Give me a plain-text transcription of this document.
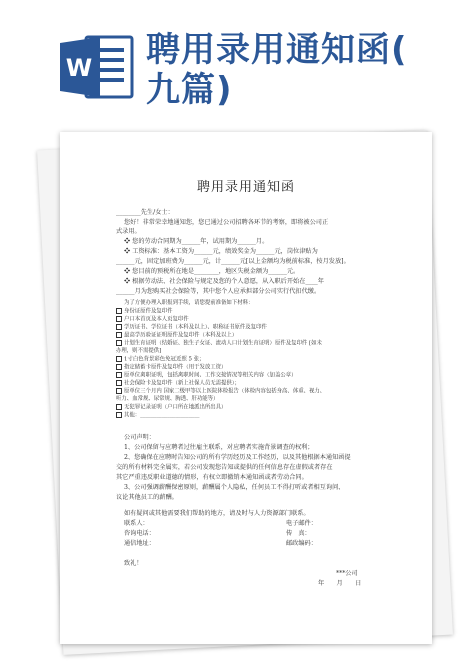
W 聘用录用通知函(
九篇)
聘用录用通知函
________先生/女士：
您好！非常荣幸地通知您，您已通过公司招聘各环节的考察，即将被公司正
式录用。
❖ 您的劳动合同期为______年，试用期为______月。
❖ 工资标准：基本工资为______元，绩效奖金为______元，岗位津贴为
______元，固定加班费为______元，计______元[以上金额均为税前标准，按月发放]。
❖ 您目前的预税所在地是________，地区失税金额为______元。
❖ 根据劳动法、社会保险与规定及您的个人意愿，从入职后开始在____年
______月为您购买社会保险等，其中您个人应承担部分公司实行代扣代缴。
为了方便办理入职报到手续，请您提前准备如下材料：
身份证原件及复印件
户口本首页及本人页复印件
学历证书、学位证书（本科及以上）、职称证书原件及复印件
最高学历验证证明原件及复印件（本科及以上）
计划生育证明（结婚证、独生子女证、流动人口计划生育证明）原件及复印件 [如未
办理，则不需提供]
1寸白色背景彩色免冠近照 5 张；
指定储蓄卡原件及复印件（用于发放工资）
原单位离职证明，包括离职时间、工作交接情况等相关内容（加盖公章）
社会保险卡及复印件（新上社保人员无需提供）；
原单位三个月内 国家二级甲等以上医院体检报告（体检内容包括身高、体重、视力、
听力、血常规、尿常规、胸透、肝功能等）
无犯罪记录证明（户口所在地派出所出具）
其他：______________________
公司声明：
1、公司保留与应聘者过往雇主联系，对应聘者实施背景调查的权利；
2、您确保在应聘时告知公司的所有学历经历及工作经历，以及其他根据本通知函提
交的所有材料完全属实，若公司发现您告知或提供的任何信息存在虚假或者存在
其它严重违反职业道德的情形，有权立即撤销本通知函或者劳动合同。
3、公司强调薪酬保密原则，薪酬属个人隐私，任何员工不得打听或者相互询问、
议论其他员工的薪酬。
如有疑问或其他需要我们帮助的地方，请及时与人力资源部门联系。
联系人：	电子邮件：
咨询电话：	传　真：
通信地址：	邮政编码：
致礼！
***公司
年　　月　　日
